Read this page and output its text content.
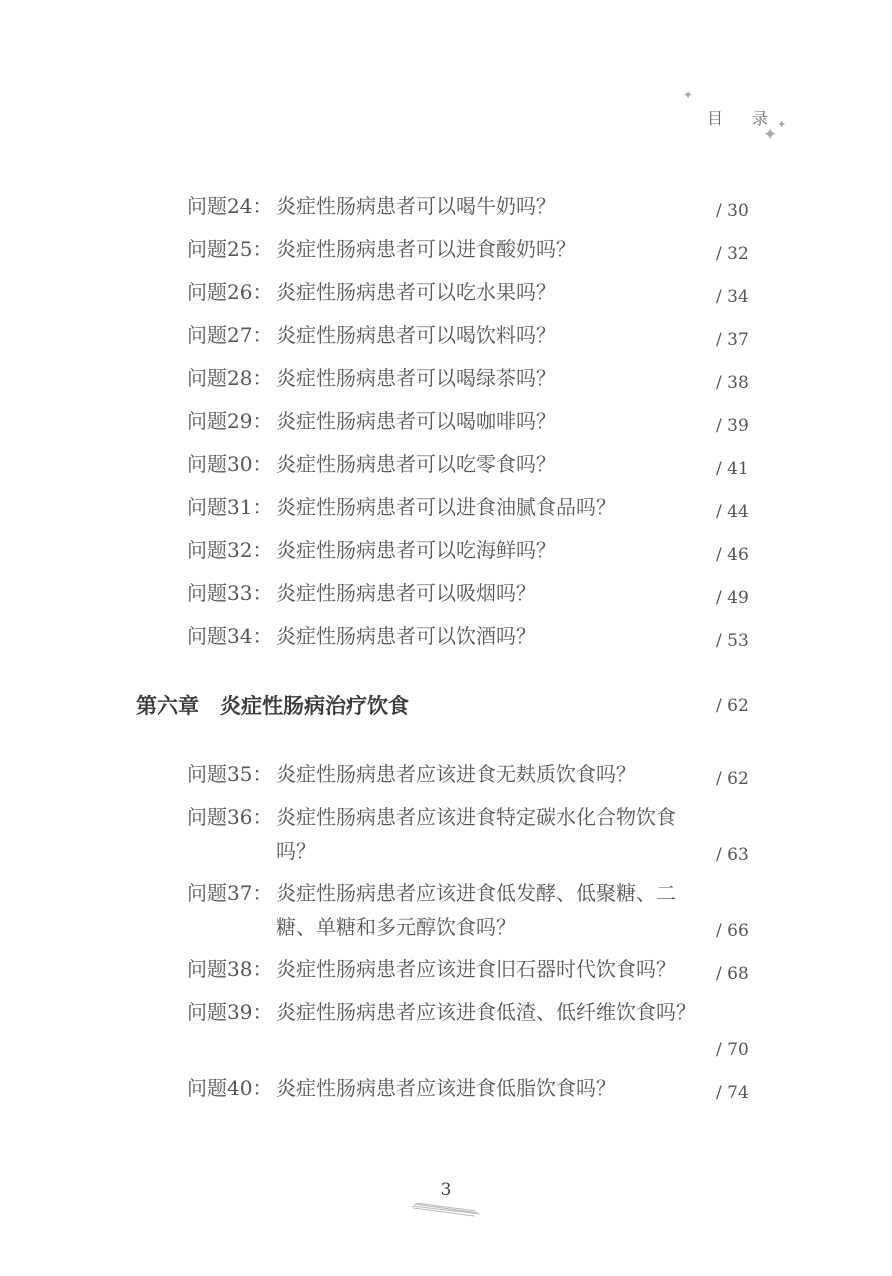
✦
✦
✦
目 录
问题24： 炎症性肠病患者可以喝牛奶吗？	/ 30
问题25： 炎症性肠病患者可以进食酸奶吗？	/ 32
问题26： 炎症性肠病患者可以吃水果吗？	/ 34
问题27： 炎症性肠病患者可以喝饮料吗？	/ 37
问题28： 炎症性肠病患者可以喝绿茶吗？	/ 38
问题29： 炎症性肠病患者可以喝咖啡吗？	/ 39
问题30： 炎症性肠病患者可以吃零食吗？	/ 41
问题31： 炎症性肠病患者可以进食油腻食品吗？	/ 44
问题32： 炎症性肠病患者可以吃海鲜吗？	/ 46
问题33： 炎症性肠病患者可以吸烟吗？	/ 49
问题34： 炎症性肠病患者可以饮酒吗？	/ 53
第六章　炎症性肠病治疗饮食	/ 62
问题35： 炎症性肠病患者应该进食无麸质饮食吗？	/ 62
问题36： 炎症性肠病患者应该进食特定碳水化合物饮食吗？	/ 63
问题37： 炎症性肠病患者应该进食低发酵、低聚糖、二糖、单糖和多元醇饮食吗？	/ 66
问题38： 炎症性肠病患者应该进食旧石器时代饮食吗？	/ 68
问题39： 炎症性肠病患者应该进食低渣、低纤维饮食吗？
/ 70
问题40： 炎症性肠病患者应该进食低脂饮食吗？	/ 74
3
